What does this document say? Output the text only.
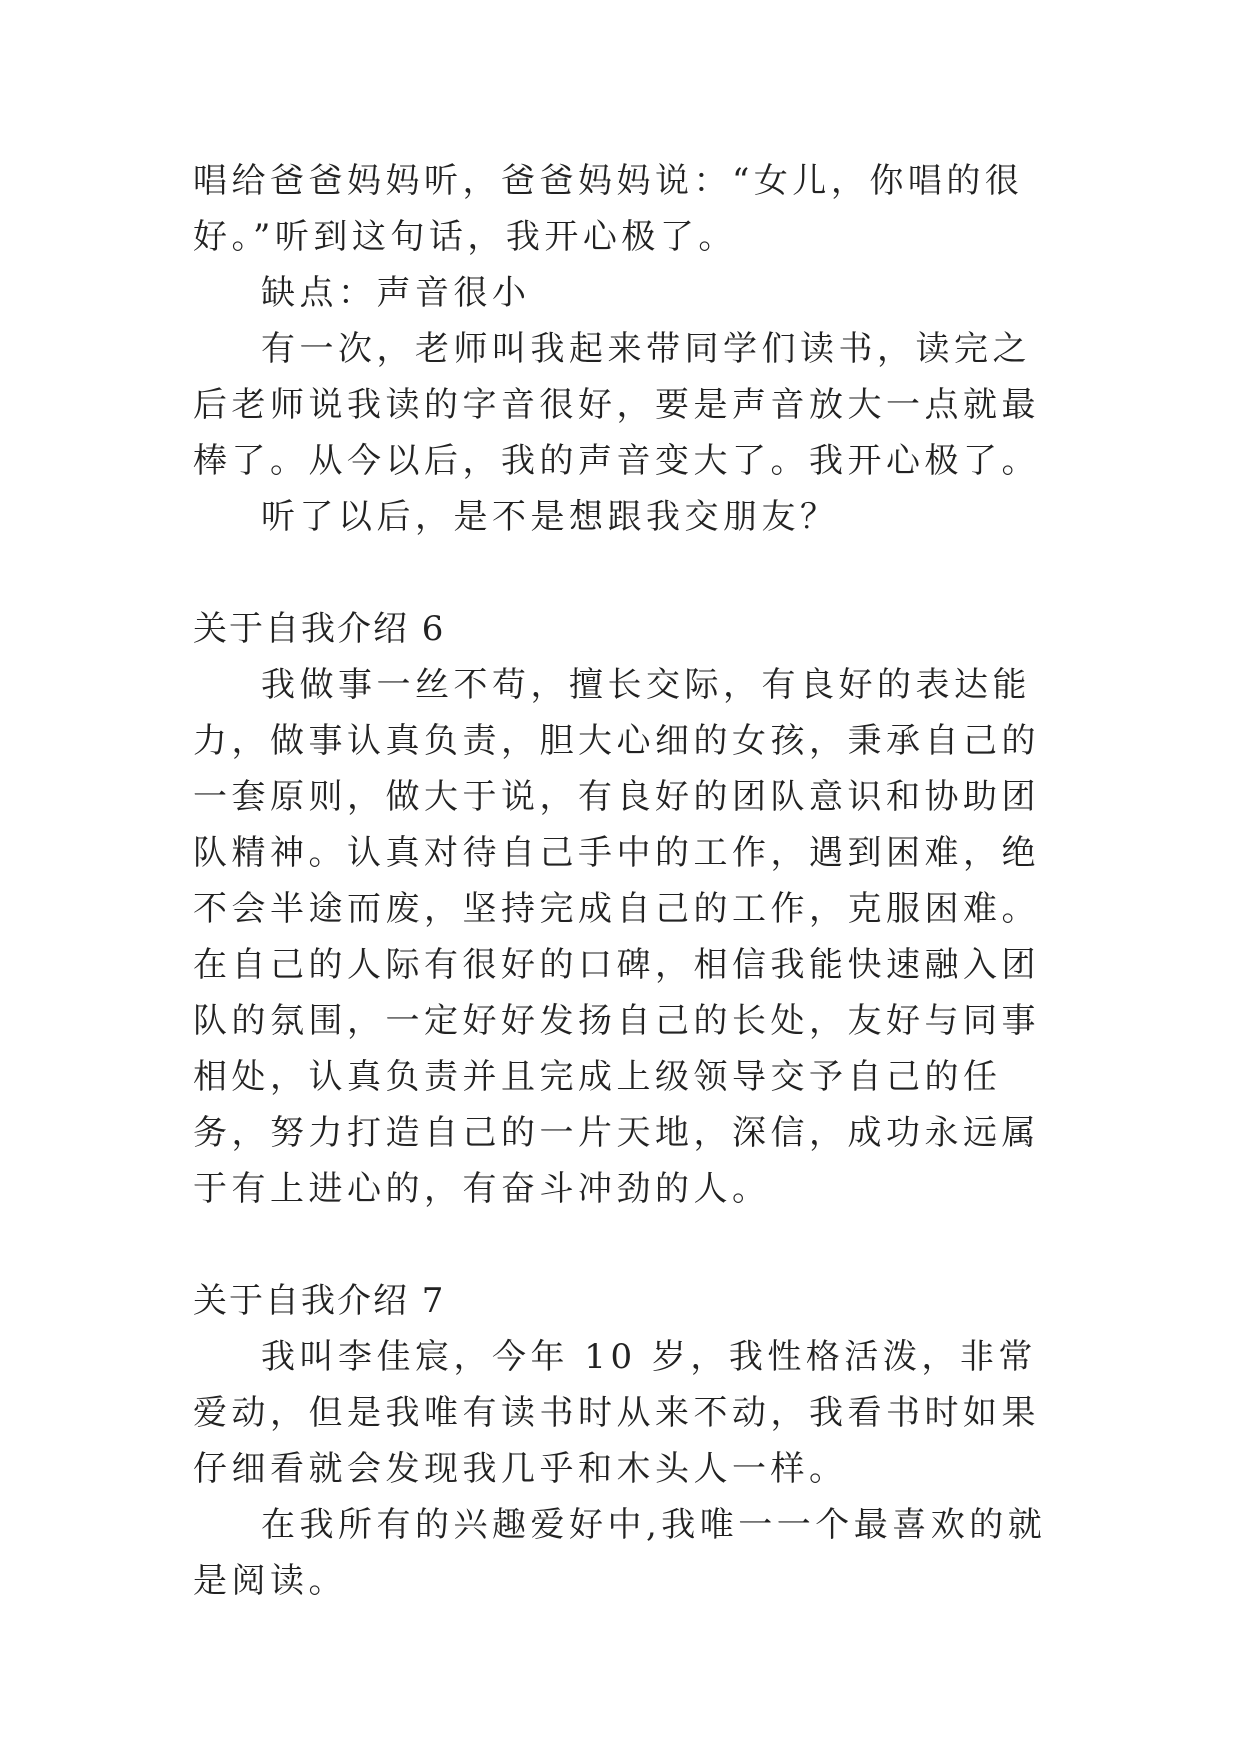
唱给爸爸妈妈听，爸爸妈妈说：“女儿，你唱的很好。”听到这句话，我开心极了。

缺点：声音很小

有一次，老师叫我起来带同学们读书，读完之后老师说我读的字音很好，要是声音放大一点就最棒了。从今以后，我的声音变大了。我开心极了。

听了以后，是不是想跟我交朋友？

关于自我介绍 6

我做事一丝不苟，擅长交际，有良好的表达能力，做事认真负责，胆大心细的女孩，秉承自己的一套原则，做大于说，有良好的团队意识和协助团队精神。认真对待自己手中的工作，遇到困难，绝不会半途而废，坚持完成自己的工作，克服困难。在自己的人际有很好的口碑，相信我能快速融入团队的氛围，一定好好发扬自己的长处，友好与同事相处，认真负责并且完成上级领导交予自己的任务，努力打造自己的一片天地，深信，成功永远属于有上进心的，有奋斗冲劲的人。

关于自我介绍 7

我叫李佳宸，今年 10 岁，我性格活泼，非常爱动，但是我唯有读书时从来不动，我看书时如果仔细看就会发现我几乎和木头人一样。

在我所有的兴趣爱好中,我唯一一个最喜欢的就是阅读。
